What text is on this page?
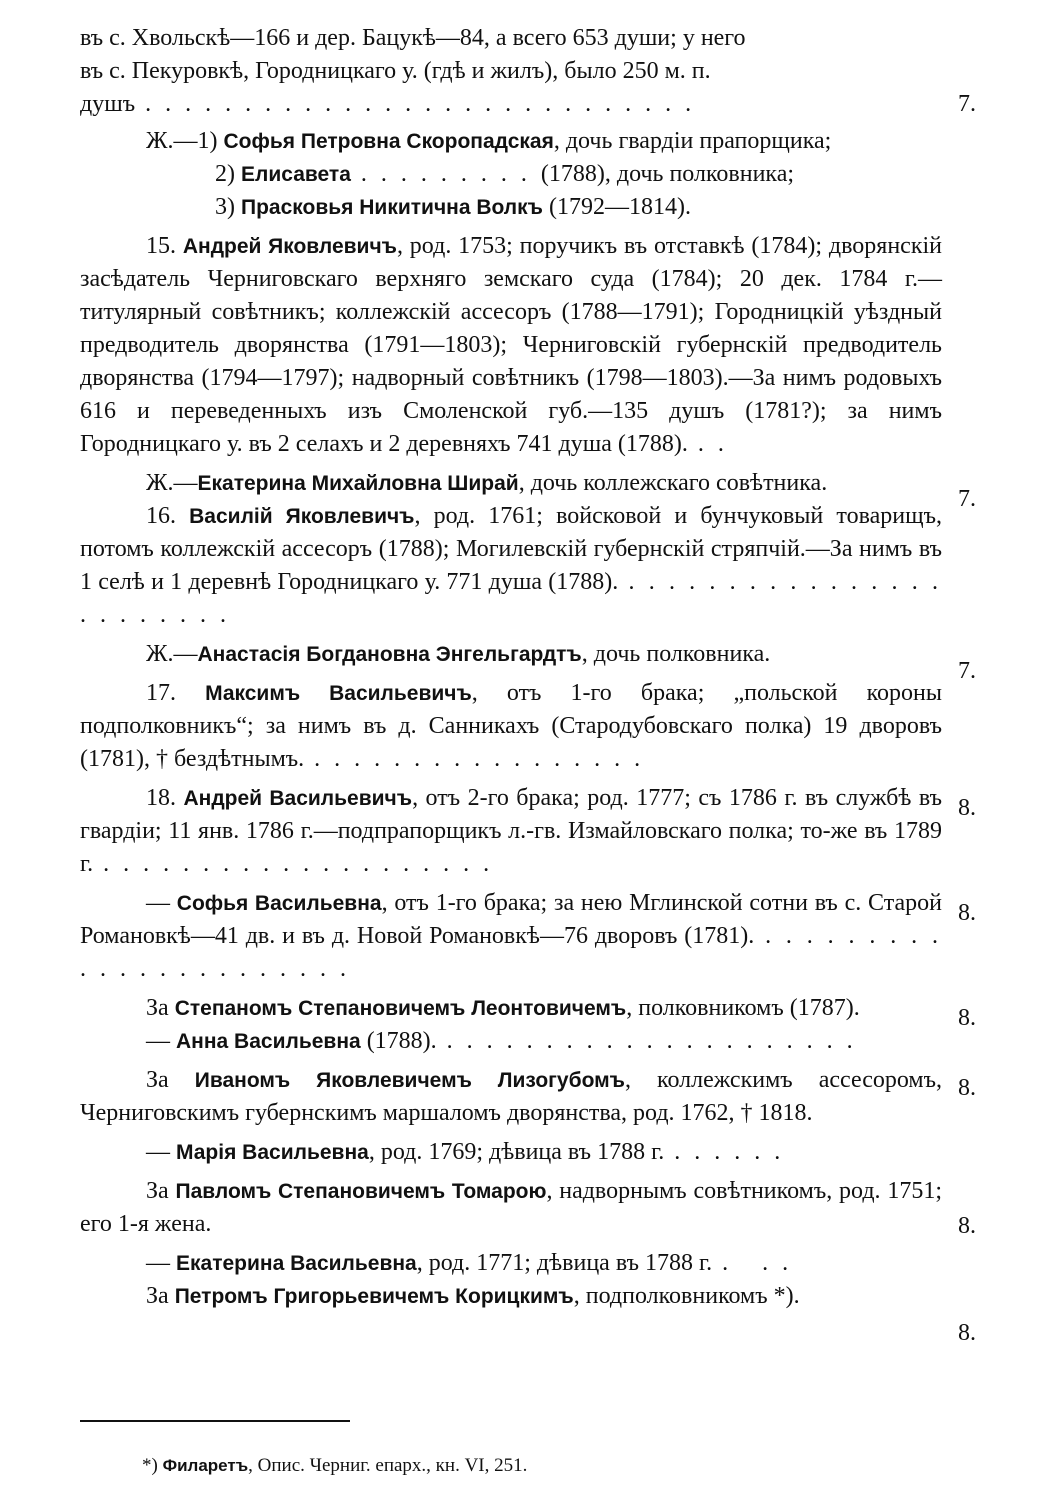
въ с. Хвольскѣ—166 и дер. Бацукѣ—84, а всего 653 души; у него

въ с. Пекуровкѣ, Городницкаго у. (гдѣ и жилъ), было 250 м. п.

душъ . . . . . . . . . . . . . . . . . . . . . . . . . . . .

Ж.—1) Софья Петровна Скоропадская, дочь гвардіи прапорщика;

2) Елисавета . . . . . . . . . (1788), дочь полковника;

3) Прасковья Никитична Волкъ (1792—1814).

15. Андрей Яковлевичъ, род. 1753; поручикъ въ отставкѣ (1784); дворянскій засѣдатель Черниговскаго верхняго земскаго суда (1784); 20 дек. 1784 г.—титулярный совѣтникъ; коллежскій ассесоръ (1788—1791); Городницкій уѣздный предводитель дворянства (1791—1803); Черниговскій губернскій предводитель дворянства (1794—1797); надворный совѣтникъ (1798—1803).—За нимъ родовыхъ 616 и переведенныхъ изъ Смоленской губ.—135 душъ (1781?); за нимъ Городницкаго у. въ 2 селахъ и 2 деревняхъ 741 душа (1788). . .

Ж.—Екатерина Михайловна Ширай, дочь коллежскаго совѣтника.

16. Василій Яковлевичъ, род. 1761; войсковой и бунчуковый товарищъ, потомъ коллежскій ассесоръ (1788); Могилевскій губернскій стряпчій.—За нимъ въ 1 селѣ и 1 деревнѣ Городницкаго у. 771 душа (1788). . . . . . . . . . . . . . . . . . . . . . . . .

Ж.—Анастасія Богдановна Энгельгардтъ, дочь полковника.

17. Максимъ Васильевичъ, отъ 1-го брака; „польской короны подполковникъ“; за нимъ въ д. Санникахъ (Стародубовскаго полка) 19 дворовъ (1781), † бездѣтнымъ. . . . . . . . . . . . . . . . . .

18. Андрей Васильевичъ, отъ 2-го брака; род. 1777; съ 1786 г. въ службѣ въ гвардіи; 11 янв. 1786 г.—подпрапорщикъ л.-гв. Измайловскаго полка; то-же въ 1789 г. . . . . . . . . . . . . . . . . . . . .

— Софья Васильевна, отъ 1-го брака; за нею Мглинской сотни въ с. Старой Романовкѣ—41 дв. и въ д. Новой Романовкѣ—76 дворовъ (1781). . . . . . . . . . . . . . . . . . . . . . . .

За Степаномъ Степановичемъ Леонтовичемъ, полковникомъ (1787).

— Анна Васильевна (1788). . . . . . . . . . . . . . . . . . . . . .

За Иваномъ Яковлевичемъ Лизогубомъ, коллежскимъ ассесоромъ, Черниговскимъ губернскимъ маршаломъ дворянства, род. 1762, † 1818.

— Марія Васильевна, род. 1769; дѣвица въ 1788 г. . . . . . .

За Павломъ Степановичемъ Томарою, надворнымъ совѣтникомъ, род. 1751; его 1-я жена.

— Екатерина Васильевна, род. 1771; дѣвица въ 1788 г. .   . .

За Петромъ Григорьевичемъ Корицкимъ, подполковникомъ *).

7.
7.
7.
8.
8.
8.
8.
8.
8.
*) Филаретъ, Опис. Черниг. епарх., кн. VI, 251.
